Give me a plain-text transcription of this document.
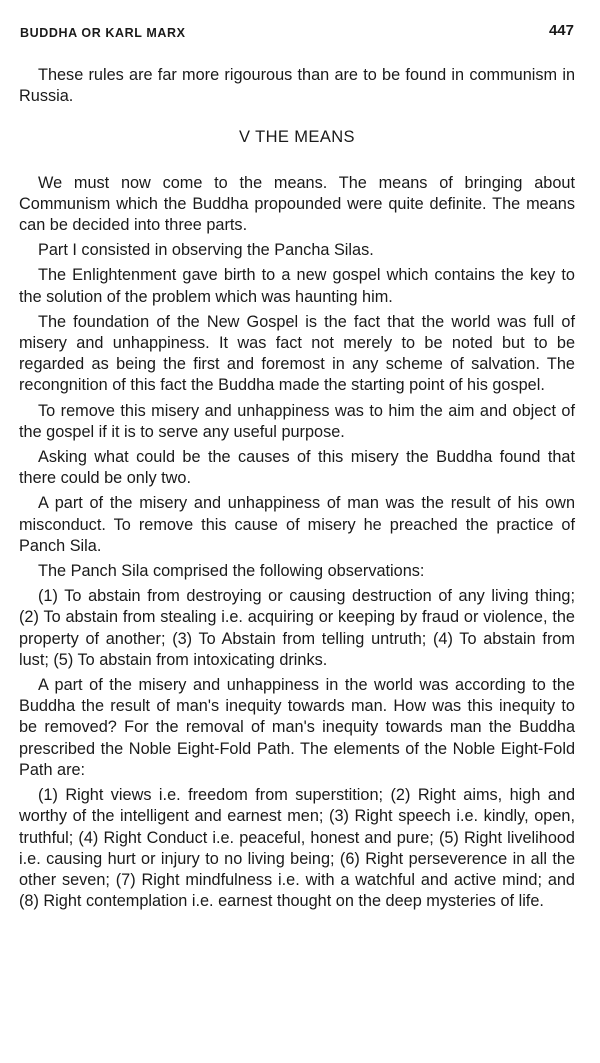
BUDDHA OR KARL MARX	447

These rules are far more rigourous than are to be found in communism in Russia.

V THE MEANS

We must now come to the means. The means of bringing about Communism which the Buddha propounded were quite definite. The means can be decided into three parts.

Part I consisted in observing the Pancha Silas.

The Enlightenment gave birth to a new gospel which contains the key to the solution of the problem which was haunting him.

The foundation of the New Gospel is the fact that the world was full of misery and unhappiness. It was fact not merely to be noted but to be regarded as being the first and foremost in any scheme of salvation. The recongnition of this fact the Buddha made the starting point of his gospel.

To remove this misery and unhappiness was to him the aim and object of the gospel if it is to serve any useful purpose.

Asking what could be the causes of this misery the Buddha found that there could be only two.

A part of the misery and unhappiness of man was the result of his own misconduct. To remove this cause of misery he preached the practice of Panch Sila.

The Panch Sila comprised the following observations:

(1) To abstain from destroying or causing destruction of any living thing; (2) To abstain from stealing i.e. acquiring or keeping by fraud or violence, the property of another; (3) To Abstain from telling untruth; (4) To abstain from lust; (5) To abstain from intoxicating drinks.

A part of the misery and unhappiness in the world was according to the Buddha the result of man's inequity towards man. How was this inequity to be removed? For the removal of man's inequity towards man the Buddha prescribed the Noble Eight-Fold Path. The elements of the Noble Eight-Fold Path are:

(1) Right views i.e. freedom from superstition; (2) Right aims, high and worthy of the intelligent and earnest men; (3) Right speech i.e. kindly, open, truthful; (4) Right Conduct i.e. peaceful, honest and pure; (5) Right livelihood i.e. causing hurt or injury to no living being; (6) Right perseverence in all the other seven; (7) Right mindfulness i.e. with a watchful and active mind; and (8) Right contemplation i.e. earnest thought on the deep mysteries of life.
